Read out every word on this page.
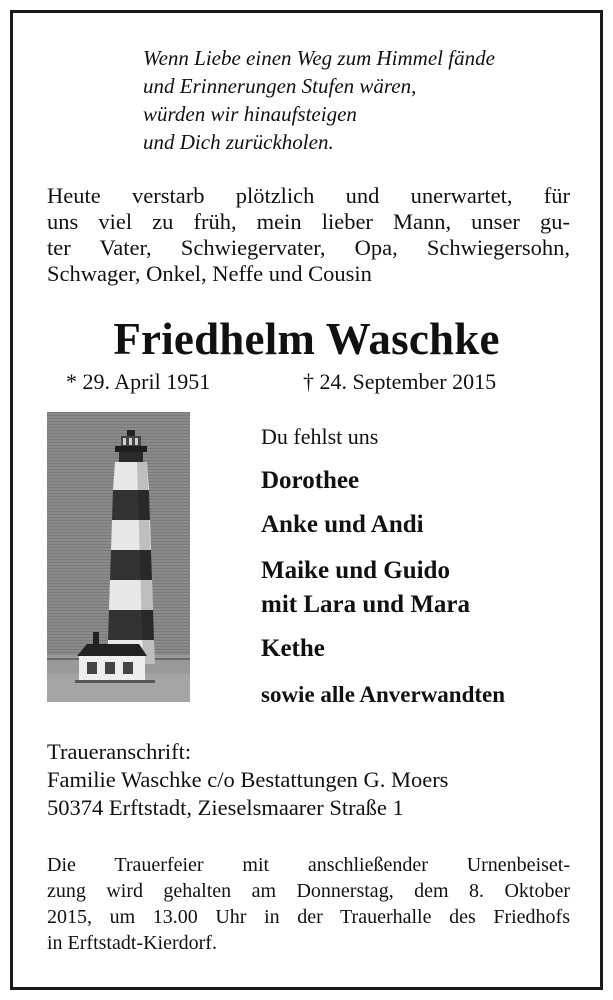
Wenn Liebe einen Weg zum Himmel fände
und Erinnerungen Stufen wären,
würden wir hinaufsteigen
und Dich zurückholen.
Heute verstarb plötzlich und unerwartet, für
uns viel zu früh, mein lieber Mann, unser gu-
ter Vater, Schwiegervater, Opa, Schwiegersohn,
Schwager, Onkel, Neffe und Cousin
Friedhelm Waschke
* 29. April 1951	† 24. September 2015
Du fehlst uns
Dorothee
Anke und Andi
Maike und Guido
mit Lara und Mara
Kethe
sowie alle Anverwandten
Traueranschrift:
Familie Waschke c/o Bestattungen G. Moers
50374 Erftstadt, Zieselsmaarer Straße 1
Die Trauerfeier mit anschließender Urnenbeiset-
zung wird gehalten am Donnerstag, dem 8. Oktober
2015, um 13.00 Uhr in der Trauerhalle des Friedhofs
in Erftstadt-Kierdorf.
